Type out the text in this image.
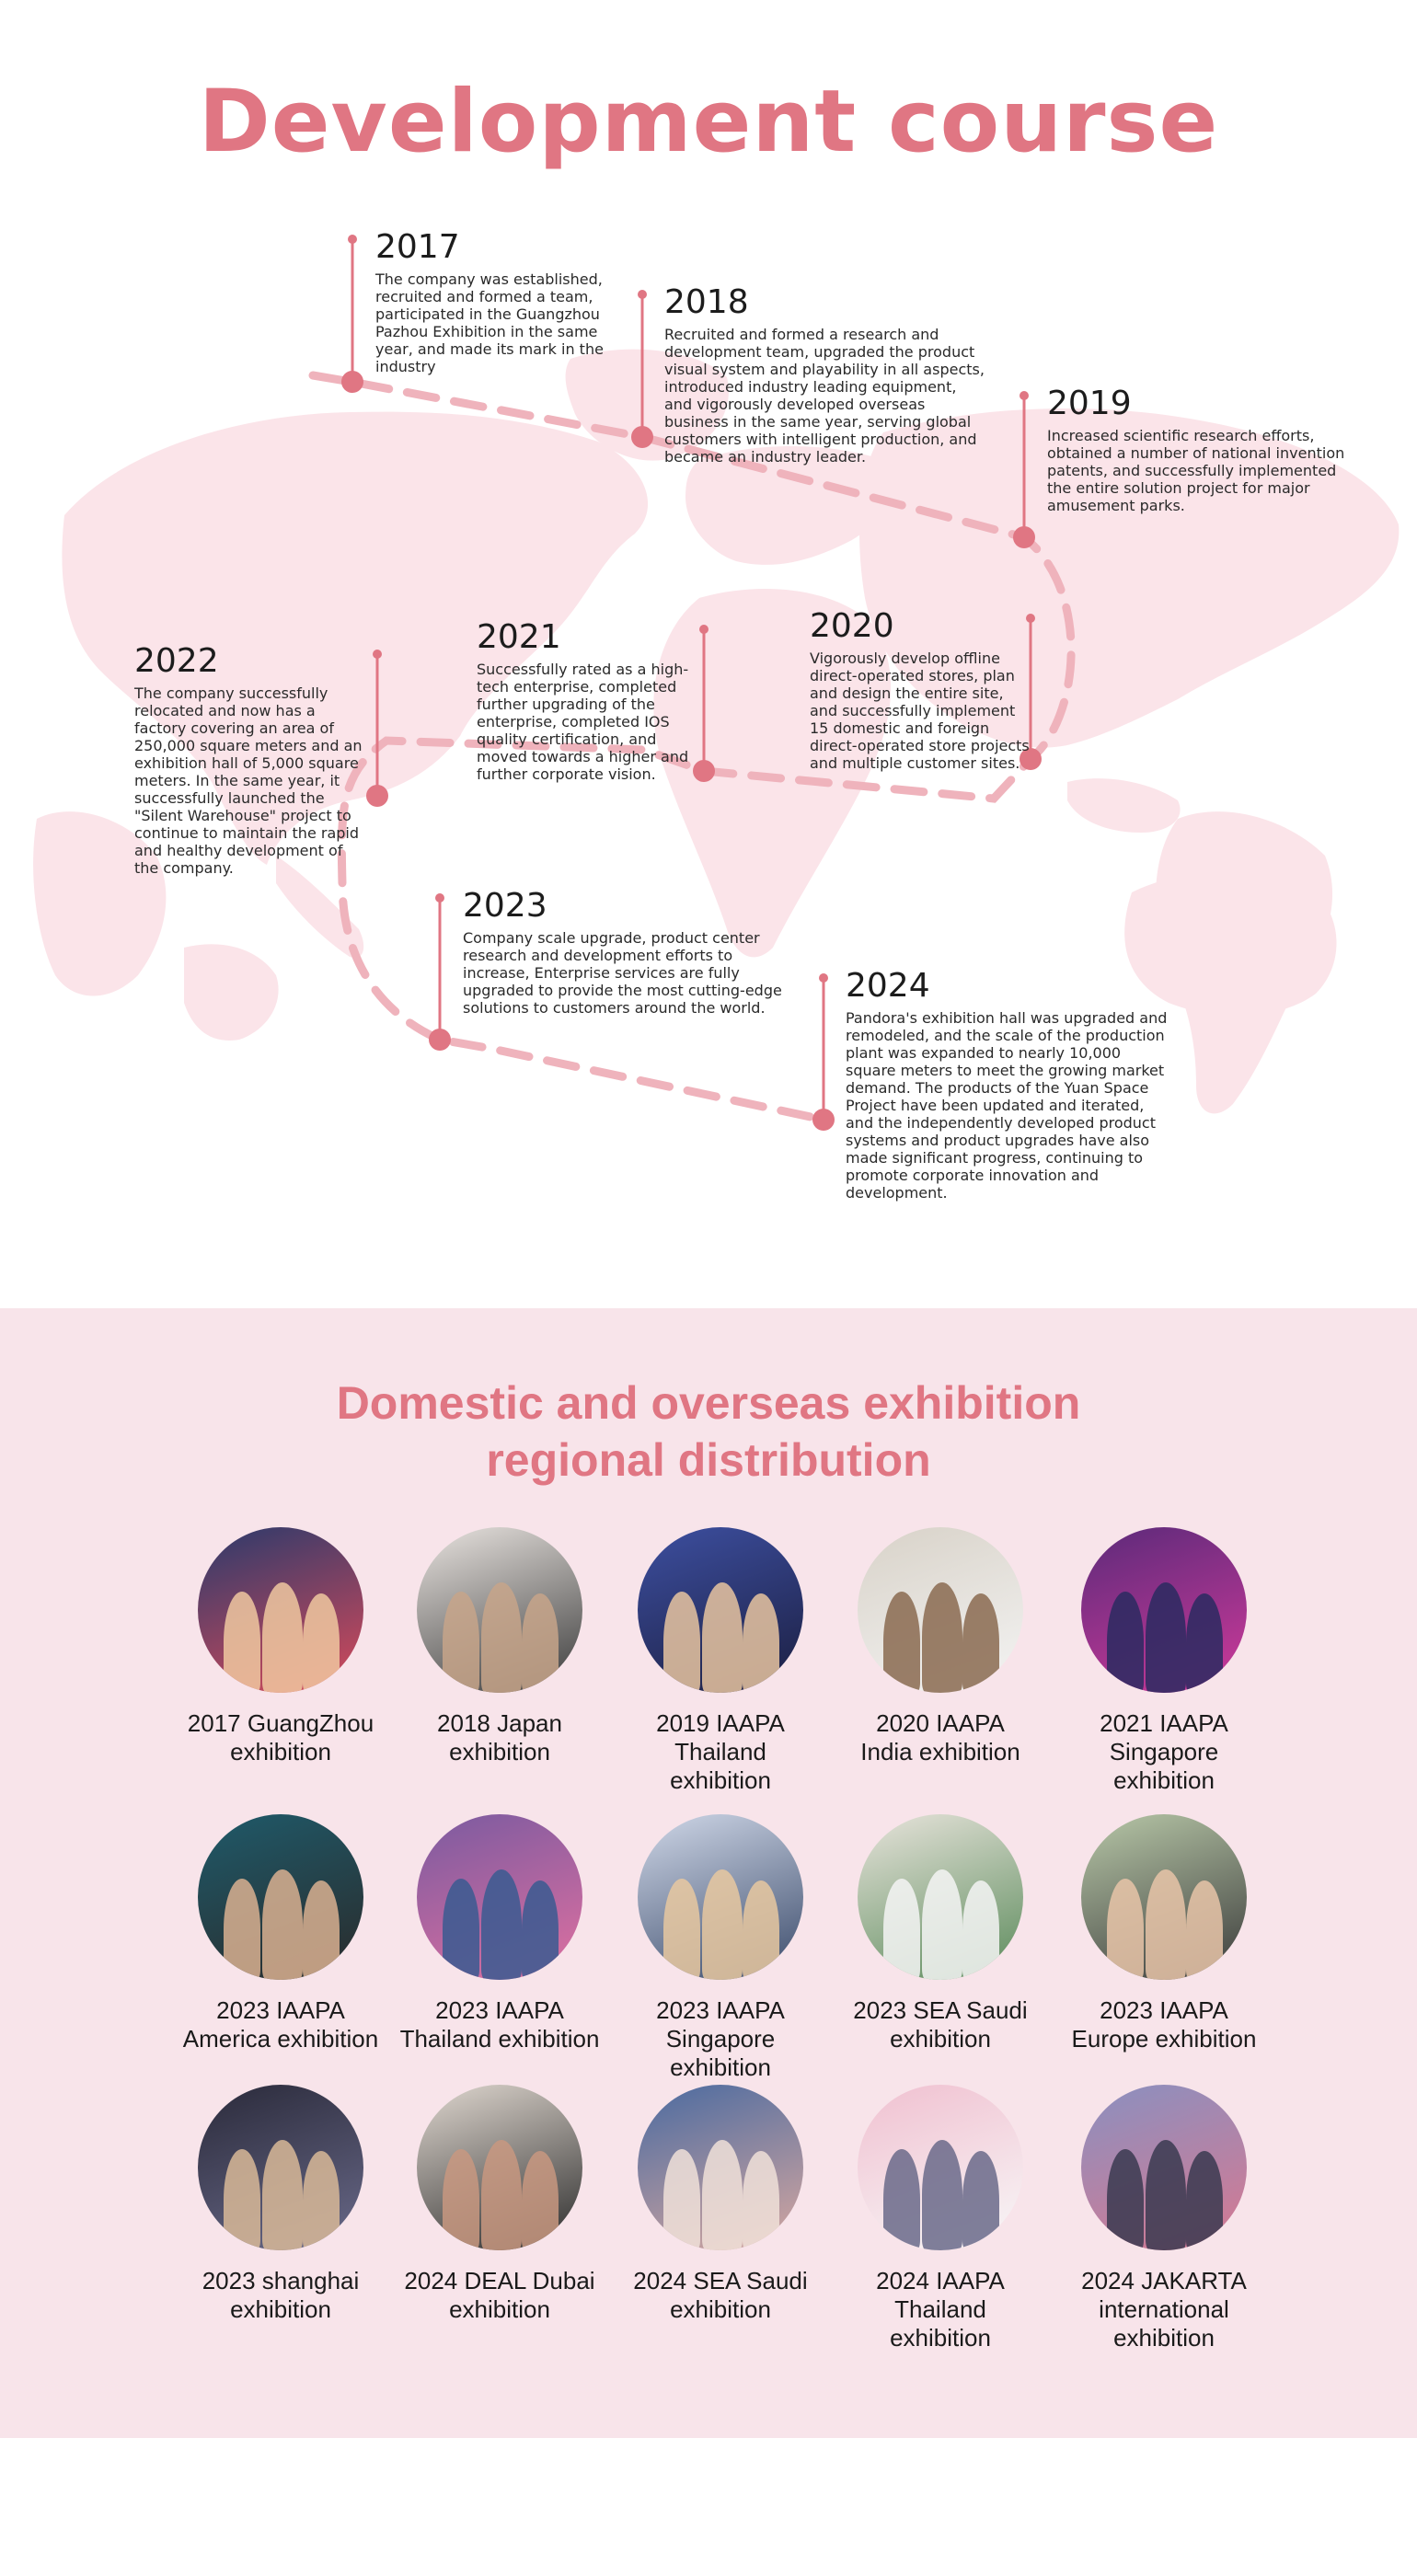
Development course
2017
The company was established, recruited and formed a team, participated in the Guangzhou Pazhou Exhibition in the same year, and made its mark in the industry
2018
Recruited and formed a research and development team, upgraded the product visual system and playability in all aspects, introduced industry leading equipment, and vigorously developed overseas business in the same year, serving global customers with intelligent production, and became an industry leader.
2019
Increased scientific research efforts, obtained a number of national invention patents, and successfully implemented the entire solution project for major amusement parks.
2020
Vigorously develop offline direct-operated stores, plan and design the entire site, and successfully implement 15 domestic and foreign direct-operated store projects and multiple customer sites.
2021
Successfully rated as a high-tech enterprise, completed further upgrading of the enterprise, completed IOS quality certification, and moved towards a higher and further corporate vision.
2022
The company successfully relocated and now has a factory covering an area of 250,000 square meters and an exhibition hall of 5,000 square meters. In the same year, it successfully launched the "Silent Warehouse" project to continue to maintain the rapid and healthy development of the company.
2023
Company scale upgrade, product center research and development efforts to increase, Enterprise services are fully upgraded to provide the most cutting-edge solutions to customers around the world.
2024
Pandora's exhibition hall was upgraded and remodeled, and the scale of the production plant was expanded to nearly 10,000 square meters to meet the growing market demand. The products of the Yuan Space Project have been updated and iterated, and the independently developed product systems and product upgrades have also made significant progress, continuing to promote corporate innovation and development.
Domestic and overseas exhibition
regional distribution
2017 GuangZhou
exhibition
2018 Japan
exhibition
2019 IAAPA Thailand
exhibition
2020 IAAPA
India exhibition
2021 IAAPA
Singapore
exhibition
2023 IAAPA
America exhibition
2023 IAAPA
Thailand exhibition
2023 IAAPA Singapore
exhibition
2023 SEA Saudi
exhibition
2023 IAAPA
Europe exhibition
2023 shanghai
exhibition
2024 DEAL Dubai
exhibition
2024 SEA Saudi
exhibition
2024 IAAPA Thailand
exhibition
2024 JAKARTA
international
exhibition
